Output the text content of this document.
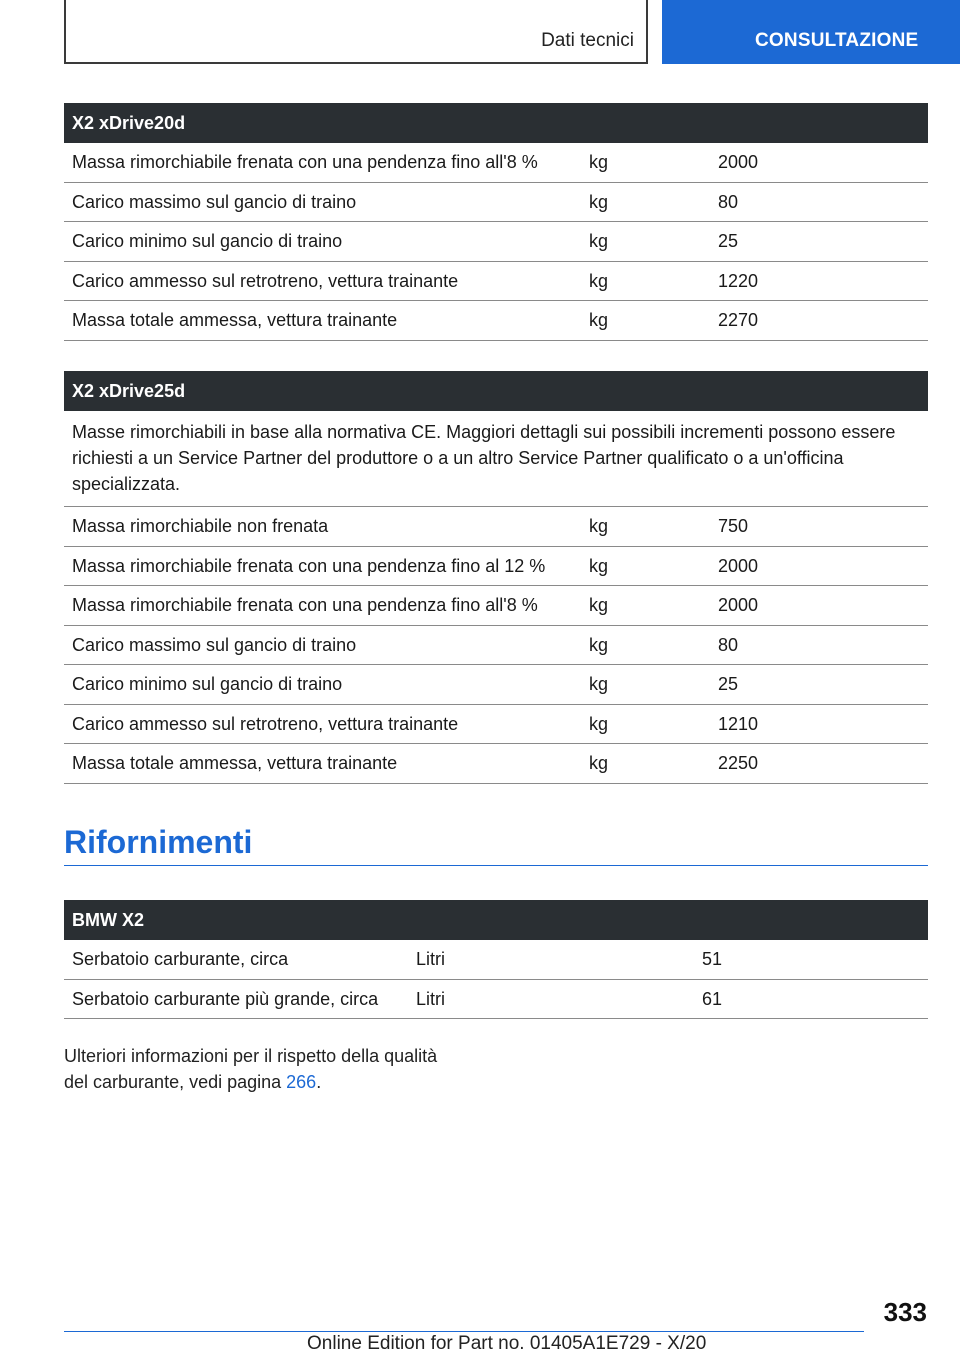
Dati tecnici	CONSULTAZIONE
X2 xDrive20d
Massa rimorchiabile frenata con una pendenza fino all'8 %	kg	2000
Carico massimo sul gancio di traino	kg	80
Carico minimo sul gancio di traino	kg	25
Carico ammesso sul retrotreno, vettura trainante	kg	1220
Massa totale ammessa, vettura trainante	kg	2270
X2 xDrive25d
Masse rimorchiabili in base alla normativa CE. Maggiori dettagli sui possibili incrementi possono essere richiesti a un Service Partner del produttore o a un altro Service Partner qualificato o a un'officina specializzata.
Massa rimorchiabile non frenata	kg	750
Massa rimorchiabile frenata con una pendenza fino al 12 % kg	2000
Massa rimorchiabile frenata con una pendenza fino all'8 %	kg	2000
Carico massimo sul gancio di traino	kg	80
Carico minimo sul gancio di traino	kg	25
Carico ammesso sul retrotreno, vettura trainante	kg	1210
Massa totale ammessa, vettura trainante	kg	2250
Rifornimenti
BMW X2
Serbatoio carburante, circa	Litri	51
Serbatoio carburante più grande, circa Litri	61
Ulteriori informazioni per il rispetto della qualità
del carburante, vedi pagina 266.
333
Online Edition for Part no. 01405A1E729 - X/20
